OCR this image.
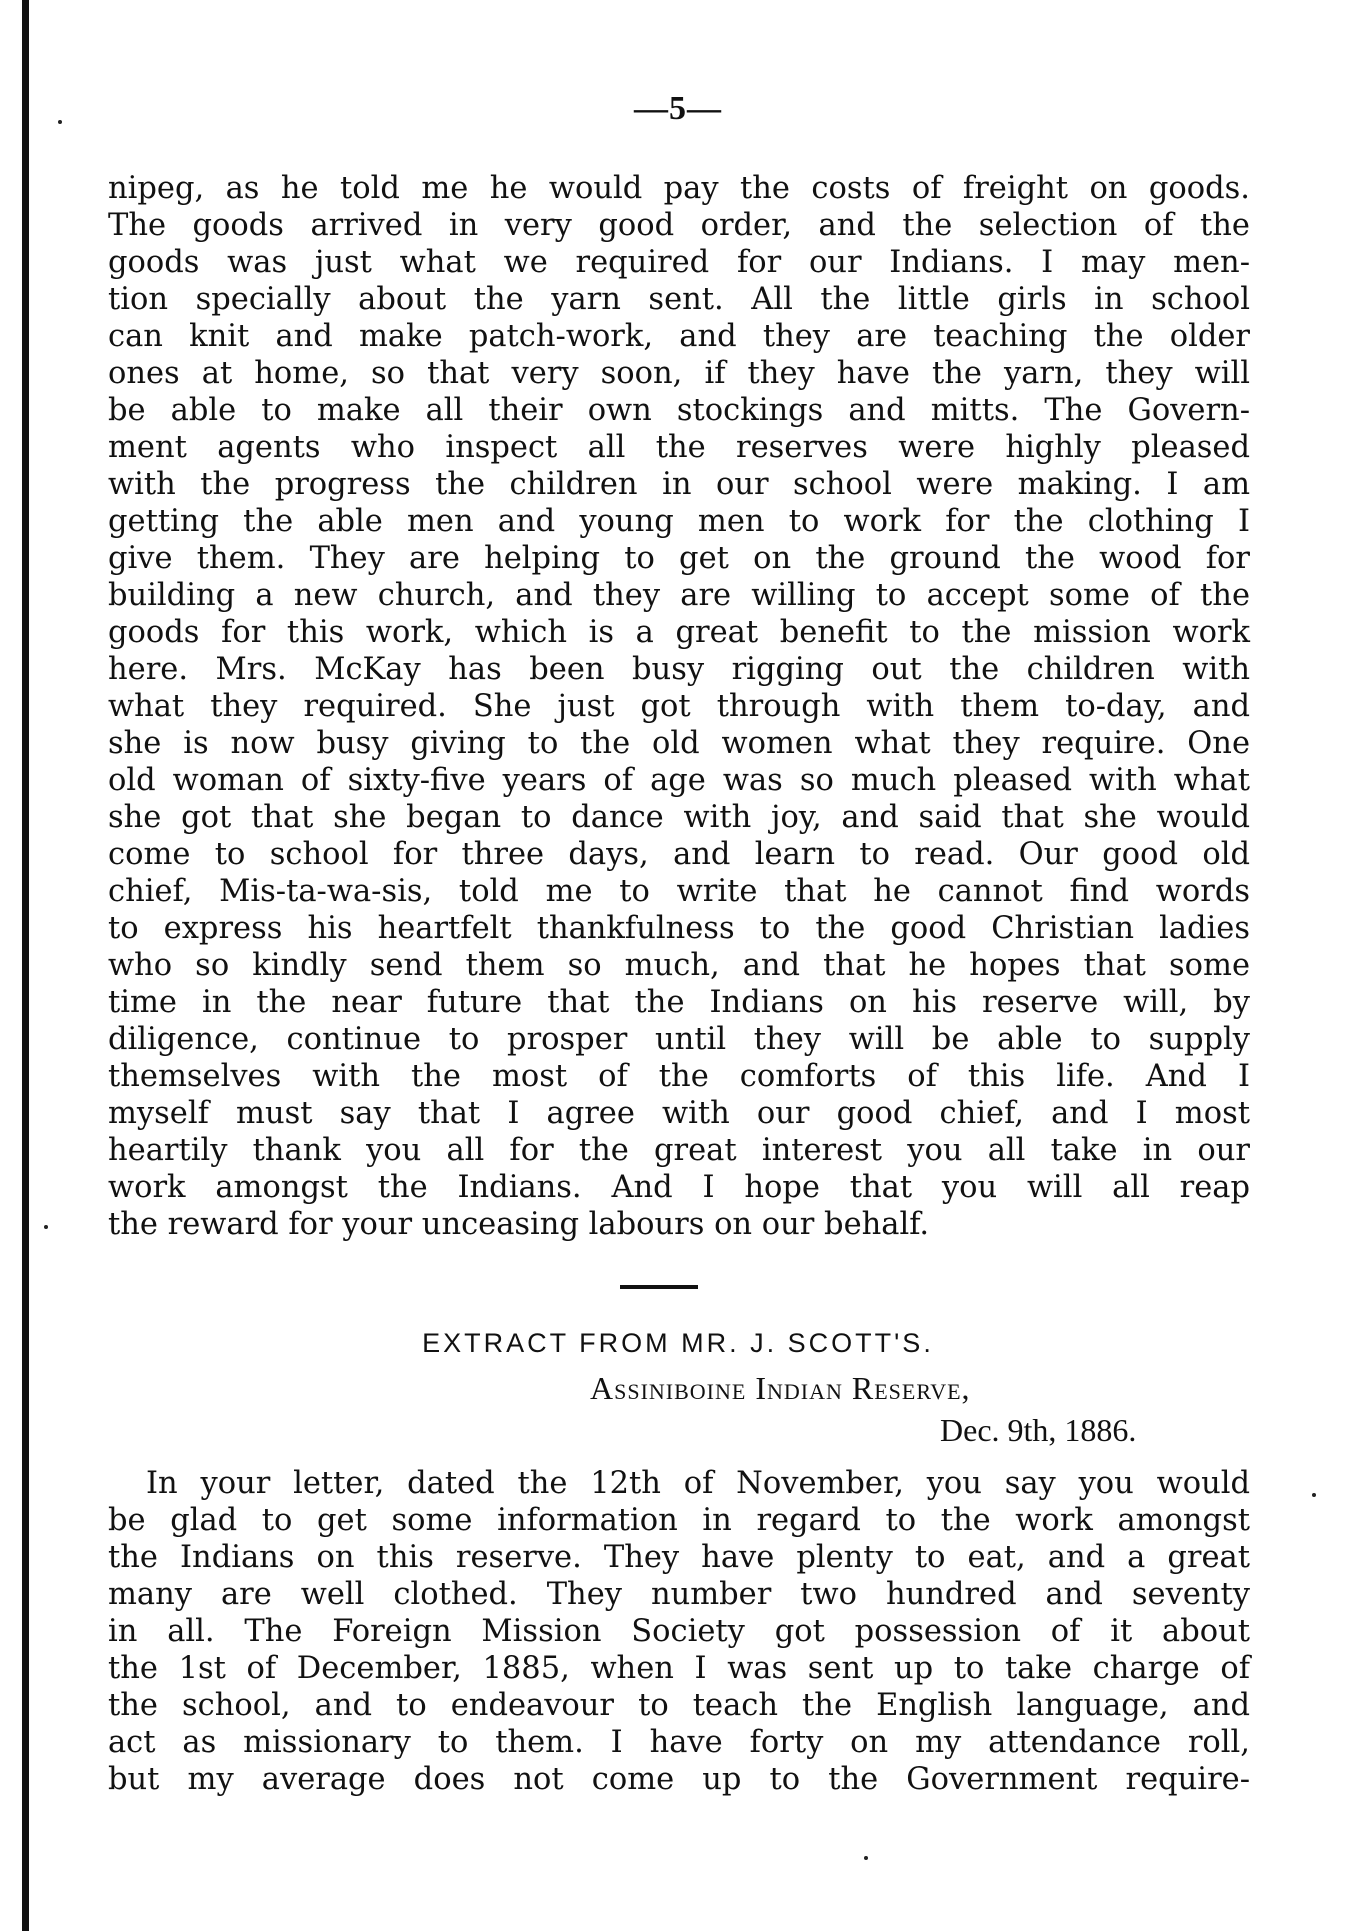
—5—

nipeg, as he told me he would pay the costs of freight on goods.
The goods arrived in very good order, and the selection of the
goods was just what we required for our Indians. I may men-
tion specially about the yarn sent. All the little girls in school
can knit and make patch-work, and they are teaching the older
ones at home, so that very soon, if they have the yarn, they will
be able to make all their own stockings and mitts. The Govern-
ment agents who inspect all the reserves were highly pleased
with the progress the children in our school were making. I am
getting the able men and young men to work for the clothing I
give them. They are helping to get on the ground the wood for
building a new church, and they are willing to accept some of the
goods for this work, which is a great benefit to the mission work
here. Mrs. McKay has been busy rigging out the children with
what they required. She just got through with them to-day, and
she is now busy giving to the old women what they require. One
old woman of sixty-five years of age was so much pleased with what
she got that she began to dance with joy, and said that she would
come to school for three days, and learn to read. Our good old
chief, Mis-ta-wa-sis, told me to write that he cannot find words
to express his heartfelt thankfulness to the good Christian ladies
who so kindly send them so much, and that he hopes that some
time in the near future that the Indians on his reserve will, by
diligence, continue to prosper until they will be able to supply
themselves with the most of the comforts of this life. And I
myself must say that I agree with our good chief, and I most
heartily thank you all for the great interest you all take in our
work amongst the Indians. And I hope that you will all reap
the reward for your unceasing labours on our behalf.

EXTRACT FROM MR. J. SCOTT'S.
Assiniboine Indian Reserve,
Dec. 9th, 1886.

In your letter, dated the 12th of November, you say you would
be glad to get some information in regard to the work amongst
the Indians on this reserve. They have plenty to eat, and a great
many are well clothed. They number two hundred and seventy
in all. The Foreign Mission Society got possession of it about
the 1st of December, 1885, when I was sent up to take charge of
the school, and to endeavour to teach the English language, and
act as missionary to them. I have forty on my attendance roll,
but my average does not come up to the Government require-
